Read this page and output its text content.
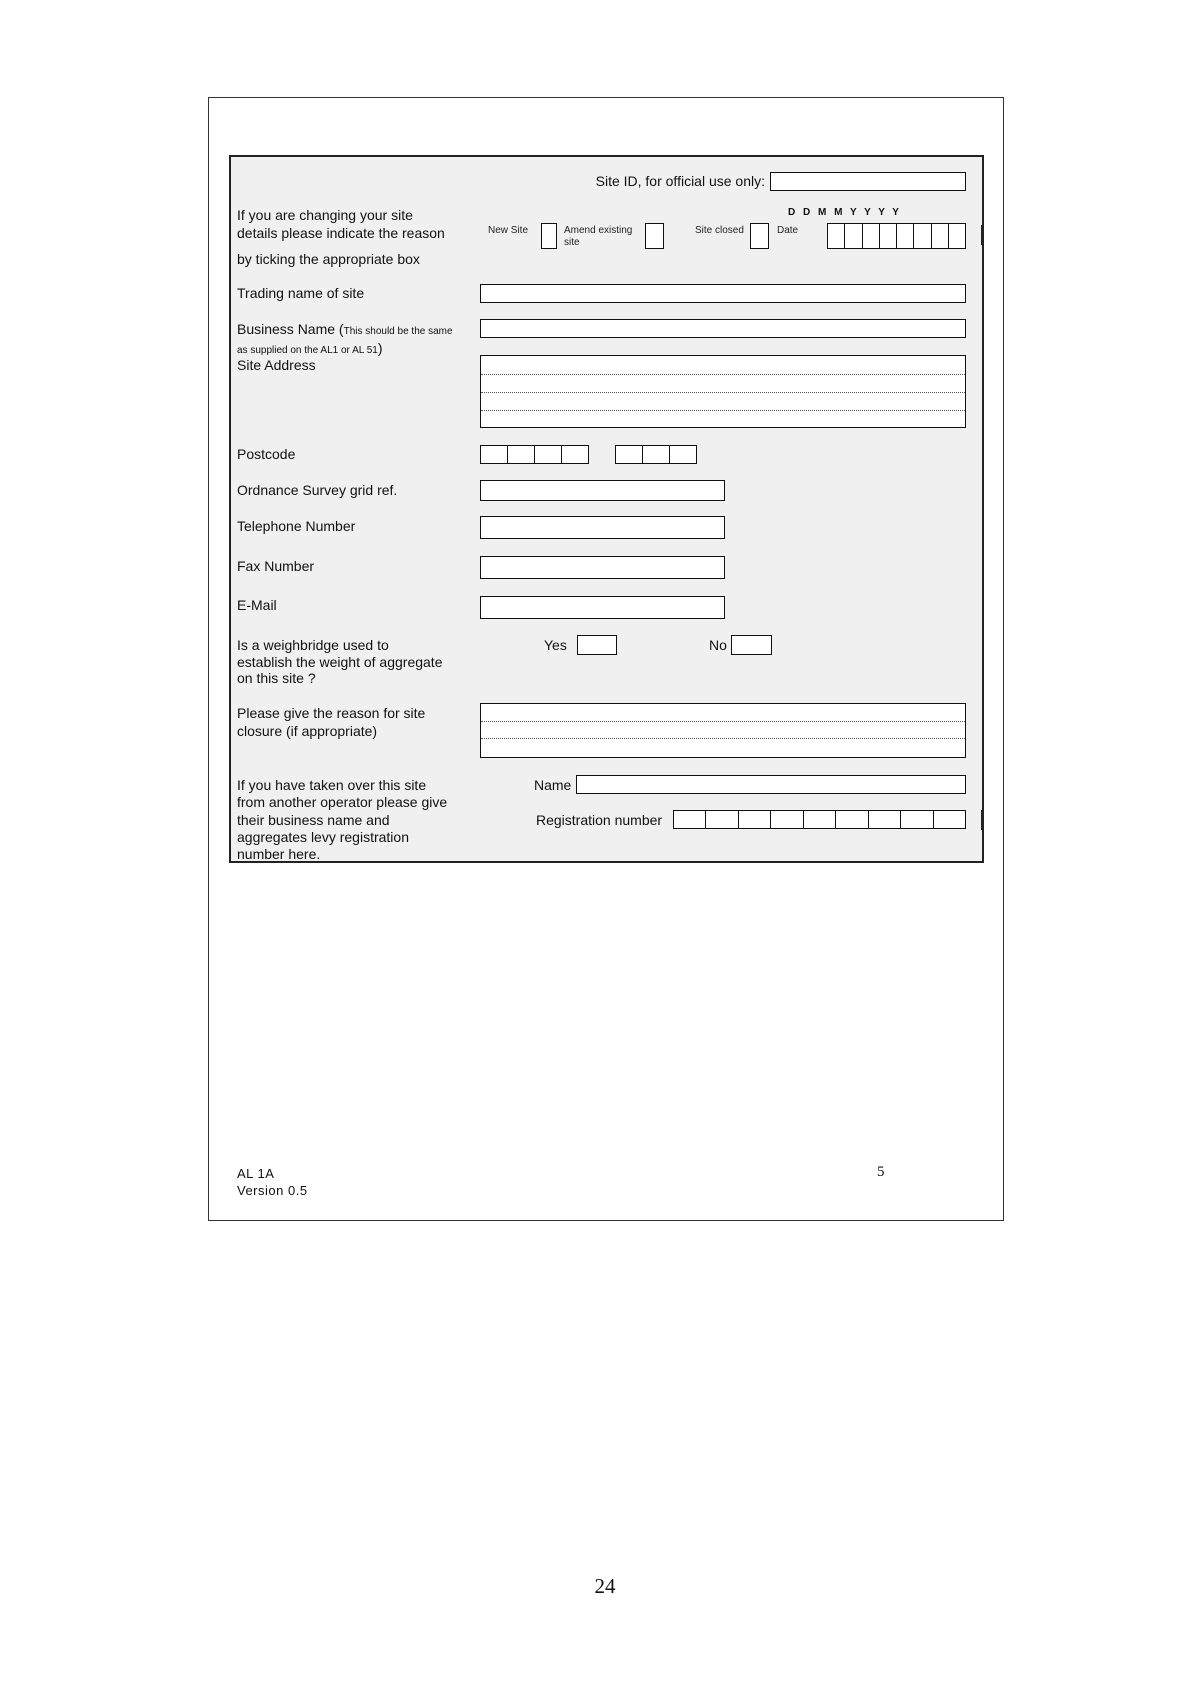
Site ID, for official use only:
If you are changing your site
details please indicate the reason
by ticking the appropriate box
New Site	Amend existing
site
Site closed	Date
D D M M Y Y Y Y
Trading name of site
Business Name (This should be the same
as supplied on the AL1 or AL 51)
Site Address
Postcode
Ordnance Survey grid ref.
Telephone Number
Fax Number
E-Mail
Is a weighbridge used to
establish the weight of aggregate
on this site ?
Yes	No
Please give the reason for site
closure (if appropriate)
If you have taken over this site
from another operator please give
their business name and
aggregates levy registration
number here.
Name
Registration number
AL 1A
Version 0.5
5
24
